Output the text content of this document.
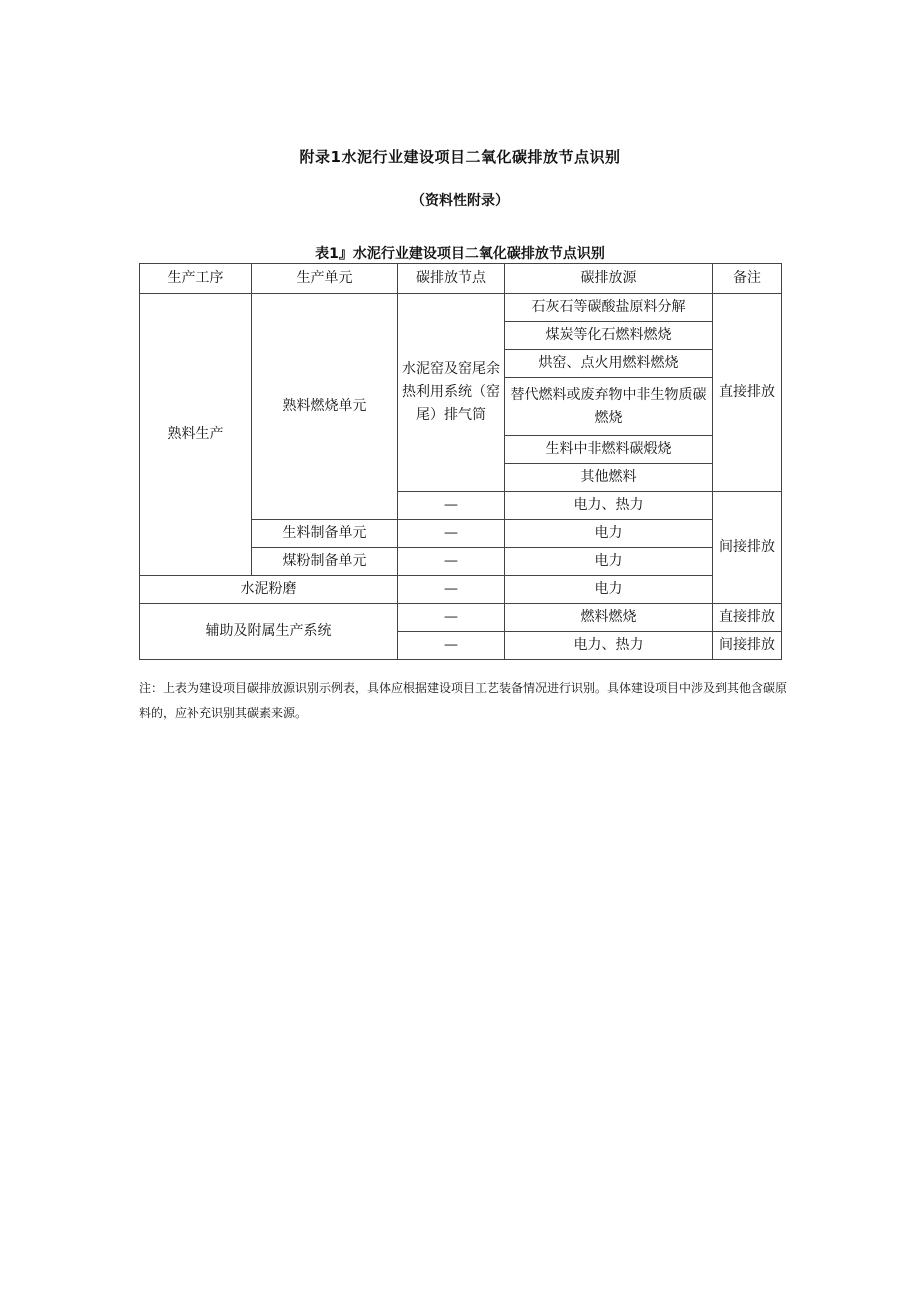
附录1水泥行业建设项目二氧化碳排放节点识别
（资料性附录）
表1』水泥行业建设项目二氧化碳排放节点识别
生产工序	生产单元	碳排放节点	碳排放源	备注
熟料生产	熟料燃烧单元	水泥窑及窑尾余热利用系统（窑尾）排气筒	石灰石等碳酸盐原料分解	直接排放
			煤炭等化石燃料燃烧	
			烘窑、点火用燃料燃烧	
			替代燃料或废弃物中非生物质碳燃烧	

			生料中非燃料碳煅烧	
			其他燃料	
		—	电力、热力	间接排放
	生料制备单元	—	电力	
	煤粉制备单元	—	电力	
水泥粉磨		—	电力	
辅助及附属生产系统		—	燃料燃烧	直接排放
		—	电力、热力	间接排放
注：上表为建设项目碳排放源识别示例表，具体应根据建设项目工艺装备情况进行识别。具体建设项目中涉及到其他含碳原料的，应补充识别其碳素来源。
